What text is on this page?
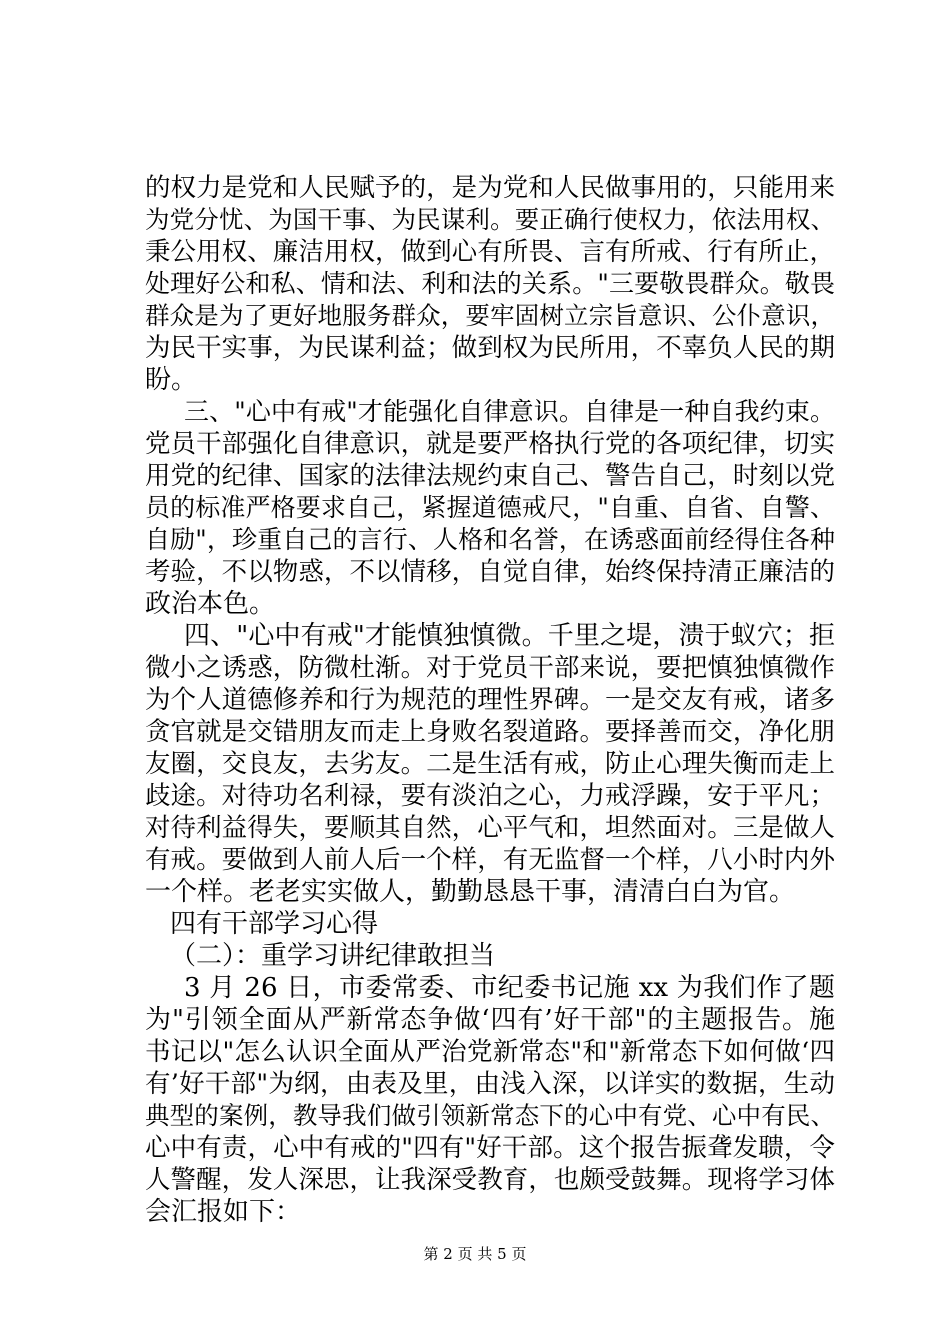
的权力是党和人民赋予的，是为党和人民做事用的，只能用来

为党分忧、为国干事、为民谋利。要正确行使权力，依法用权、

秉公用权、廉洁用权，做到心有所畏、言有所戒、行有所止，

处理好公和私、情和法、利和法的关系。"三要敬畏群众。敬畏

群众是为了更好地服务群众，要牢固树立宗旨意识、公仆意识，

为民干实事，为民谋利益；做到权为民所用，不辜负人民的期

盼。

三、"心中有戒"才能强化自律意识。自律是一种自我约束。

党员干部强化自律意识，就是要严格执行党的各项纪律，切实

用党的纪律、国家的法律法规约束自己、警告自己，时刻以党

员的标准严格要求自己，紧握道德戒尺，"自重、自省、自警、

自励"，珍重自己的言行、人格和名誉，在诱惑面前经得住各种

考验，不以物惑，不以情移，自觉自律，始终保持清正廉洁的

政治本色。

四、"心中有戒"才能慎独慎微。千里之堤，溃于蚁穴；拒

微小之诱惑，防微杜渐。对于党员干部来说，要把慎独慎微作

为个人道德修养和行为规范的理性界碑。一是交友有戒，诸多

贪官就是交错朋友而走上身败名裂道路。要择善而交，净化朋

友圈，交良友，去劣友。二是生活有戒，防止心理失衡而走上

歧途。对待功名利禄，要有淡泊之心，力戒浮躁，安于平凡；

对待利益得失，要顺其自然，心平气和，坦然面对。三是做人

有戒。要做到人前人后一个样，有无监督一个样，八小时内外

一个样。老老实实做人，勤勤恳恳干事，清清白白为官。

四有干部学习心得

（二）：重学习讲纪律敢担当

3 月 26 日，市委常委、市纪委书记施 xx 为我们作了题

为"引领全面从严新常态争做‘四有’好干部"的主题报告。施

书记以"怎么认识全面从严治党新常态"和"新常态下如何做‘四

有’好干部"为纲，由表及里，由浅入深，以详实的数据，生动

典型的案例，教导我们做引领新常态下的心中有党、心中有民、

心中有责，心中有戒的"四有"好干部。这个报告振聋发聩，令

人警醒，发人深思，让我深受教育，也颇受鼓舞。现将学习体

会汇报如下：

第 2 页 共 5 页
